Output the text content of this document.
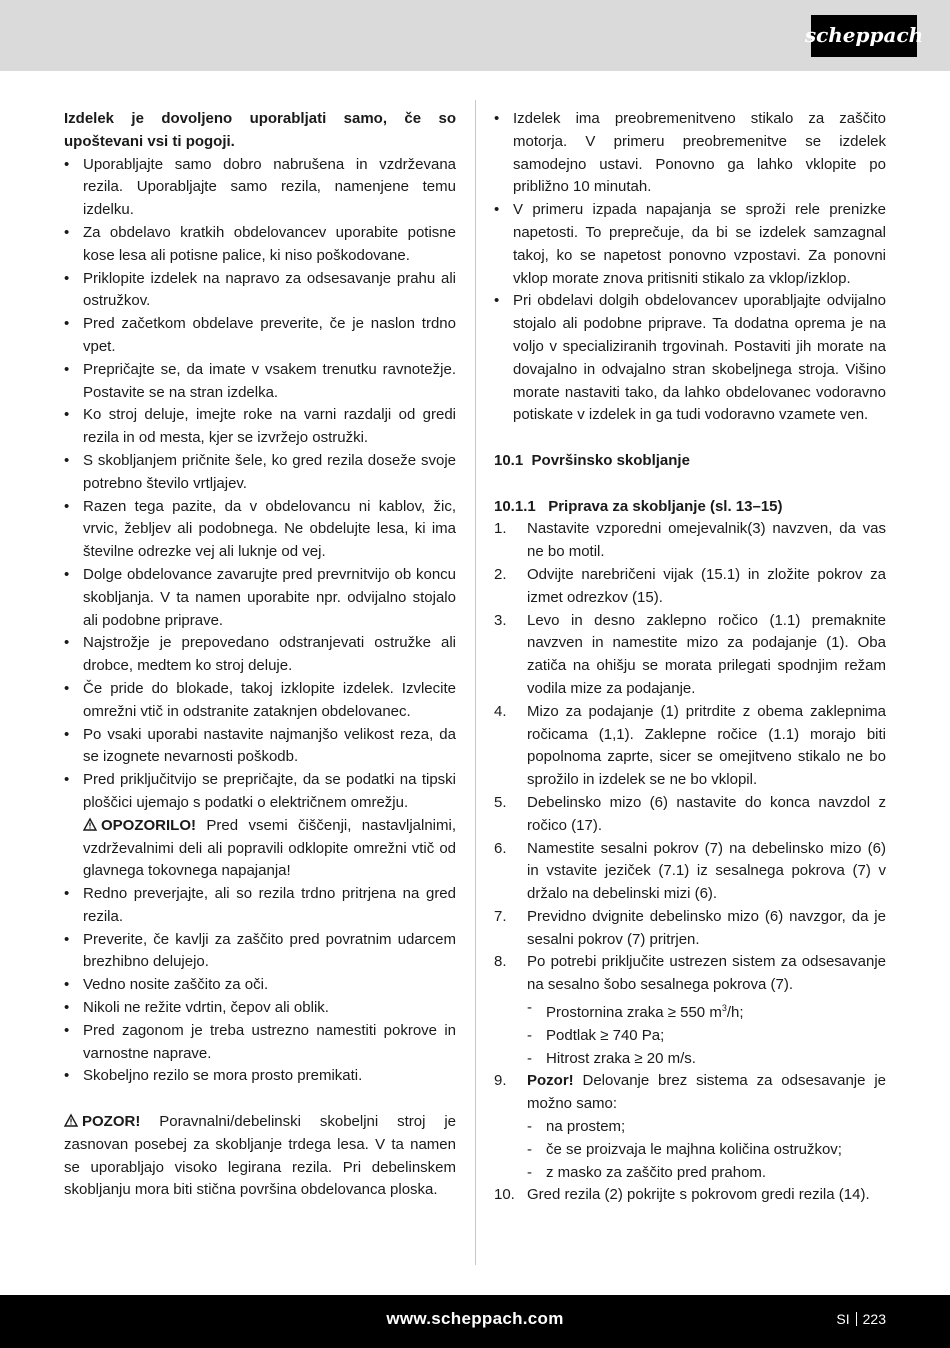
scheppach
Izdelek je dovoljeno uporabljati samo, če so upoštevani vsi ti pogoji.
• Uporabljajte samo dobro nabrušena in vzdrževana rezila. Uporabljajte samo rezila, namenjene temu izdelku.
• Za obdelavo kratkih obdelovancev uporabite potisne kose lesa ali potisne palice, ki niso poškodovane.
• Priklopite izdelek na napravo za odsesavanje prahu ali ostružkov.
• Pred začetkom obdelave preverite, če je naslon trdno vpet.
• Prepričajte se, da imate v vsakem trenutku ravnotežje. Postavite se na stran izdelka.
• Ko stroj deluje, imejte roke na varni razdalji od gredi rezila in od mesta, kjer se izvržejo ostružki.
• S skobljanjem pričnite šele, ko gred rezila doseže svoje potrebno število vrtljajev.
• Razen tega pazite, da v obdelovancu ni kablov, žic, vrvic, žebljev ali podobnega. Ne obdelujte lesa, ki ima številne odrezke vej ali luknje od vej.
• Dolge obdelovance zavarujte pred prevrnitvijo ob koncu skobljanja. V ta namen uporabite npr. odvijalno stojalo ali podobne priprave.
• Najstrožje je prepovedano odstranjevati ostružke ali drobce, medtem ko stroj deluje.
• Če pride do blokade, takoj izklopite izdelek. Izvlecite omrežni vtič in odstranite zataknjen obdelovanec.
• Po vsaki uporabi nastavite najmanjšo velikost reza, da se izognete nevarnosti poškodb.
• Pred priključitvijo se prepričajte, da se podatki na tipski ploščici ujemajo s podatki o električnem omrežju.
OPOZORILO! Pred vsemi čiščenji, nastavljalnimi, vzdrževalnimi deli ali popravili odklopite omrežni vtič od glavnega tokovnega napajanja!
• Redno preverjajte, ali so rezila trdno pritrjena na gred rezila.
• Preverite, če kavlji za zaščito pred povratnim udarcem brezhibno delujejo.
• Vedno nosite zaščito za oči.
• Nikoli ne režite vdrtin, čepov ali oblik.
• Pred zagonom je treba ustrezno namestiti pokrove in varnostne naprave.
• Skobeljno rezilo se mora prosto premikati.
POZOR! Poravnalni/debelinski skobeljni stroj je zasnovan posebej za skobljanje trdega lesa. V ta namen se uporabljajo visoko legirana rezila. Pri debelinskem skobljanju mora biti stična površina obdelovanca ploska.
• Izdelek ima preobremenitveno stikalo za zaščito motorja. V primeru preobremenitve se izdelek samodejno ustavi. Ponovno ga lahko vklopite po približno 10 minutah.
• V primeru izpada napajanja se sproži rele prenizke napetosti. To preprečuje, da bi se izdelek samzagnal takoj, ko se napetost ponovno vzpostavi. Za ponovni vklop morate znova pritisniti stikalo za vklop/izklop.
• Pri obdelavi dolgih obdelovancev uporabljajte odvijalno stojalo ali podobne priprave. Ta dodatna oprema je na voljo v specializiranih trgovinah. Postaviti jih morate na dovajalno in odvajalno stran skobeljnega stroja. Višino morate nastaviti tako, da lahko obdelovanec vodoravno potiskate v izdelek in ga tudi vodoravno vzamete ven.
10.1  Površinsko skobljanje
10.1.1   Priprava za skobljanje (sl. 13–15)
1. Nastavite vzporedni omejevalnik(3) navzven, da vas ne bo motil.
2. Odvijte narebričeni vijak (15.1) in zložite pokrov za izmet odrezkov (15).
3. Levo in desno zaklepno ročico (1.1) premaknite navzven in namestite mizo za podajanje (1). Oba zatiča na ohišju se morata prilegati spodnjim režam vodila mize za podajanje.
4. Mizo za podajanje (1) pritrdite z obema zaklepnima ročicama (1,1). Zaklepne ročice (1.1) morajo biti popolnoma zaprte, sicer se omejitveno stikalo ne bo sprožilo in izdelek se ne bo vklopil.
5. Debelinsko mizo (6) nastavite do konca navzdol z ročico (17).
6. Namestite sesalni pokrov (7) na debelinsko mizo (6) in vstavite jeziček (7.1) iz sesalnega pokrova (7) v držalo na debelinski mizi (6).
7. Previdno dvignite debelinsko mizo (6) navzgor, da je sesalni pokrov (7) pritrjen.
8. Po potrebi priključite ustrezen sistem za odsesavanje na sesalno šobo sesalnega pokrova (7).
- Prostornina zraka ≥ 550 $m^3/h$;
- Podtlak ≥ 740 Pa;
- Hitrost zraka ≥ 20 m/s.
9. Pozor! Delovanje brez sistema za odsesavanje je možno samo:
- na prostem;
- če se proizvaja le majhna količina ostružkov;
- z masko za zaščito pred prahom.
10. Gred rezila (2) pokrijte s pokrovom gredi rezila (14).
www.scheppach.com	SI 223
